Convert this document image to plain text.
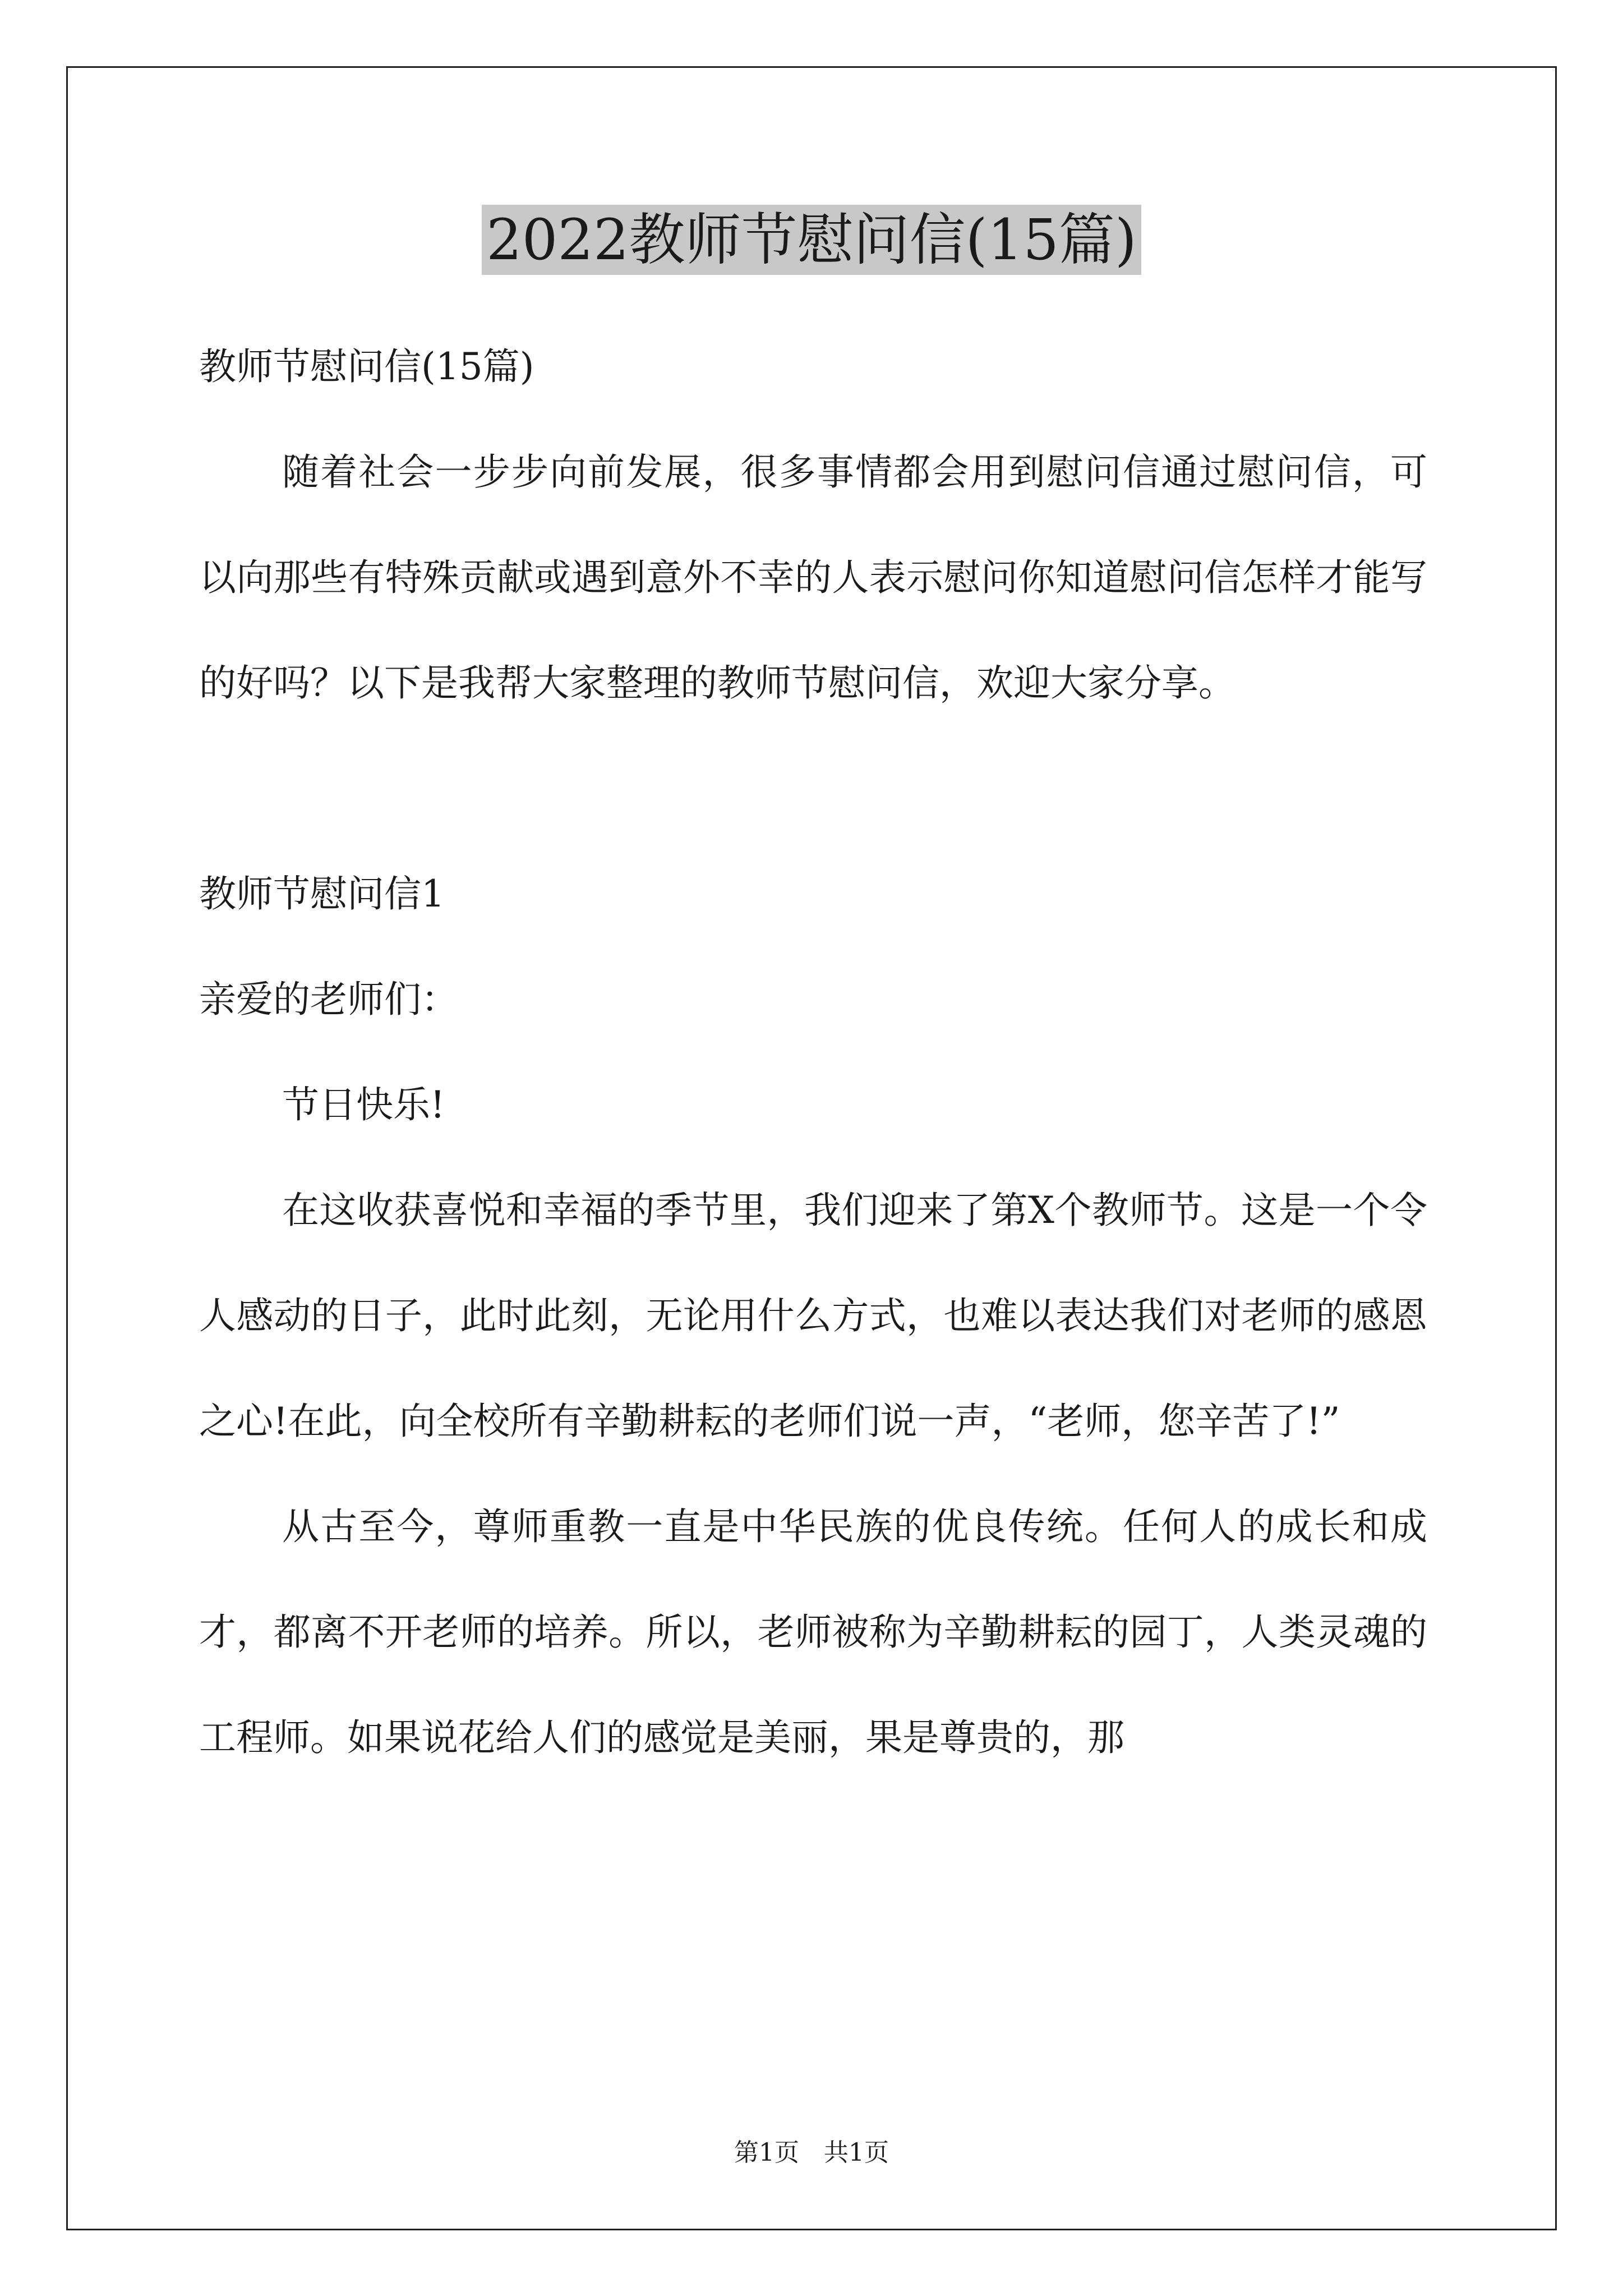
2022教师节慰问信(15篇)

教师节慰问信(15篇)

随着社会一步步向前发展，很多事情都会用到慰问信通过慰问信，可以向那些有特殊贡献或遇到意外不幸的人表示慰问你知道慰问信怎样才能写的好吗？以下是我帮大家整理的教师节慰问信，欢迎大家分享。

教师节慰问信1

亲爱的老师们：

节日快乐!

在这收获喜悦和幸福的季节里，我们迎来了第X个教师节。这是一个令人感动的日子，此时此刻，无论用什么方式，也难以表达我们对老师的感恩之心!在此，向全校所有辛勤耕耘的老师们说一声，“老师，您辛苦了!”

从古至今，尊师重教一直是中华民族的优良传统。任何人的成长和成才，都离不开老师的培养。所以，老师被称为辛勤耕耘的园丁，人类灵魂的工程师。如果说花给人们的感觉是美丽，果是尊贵的，那

第1页　共1页
